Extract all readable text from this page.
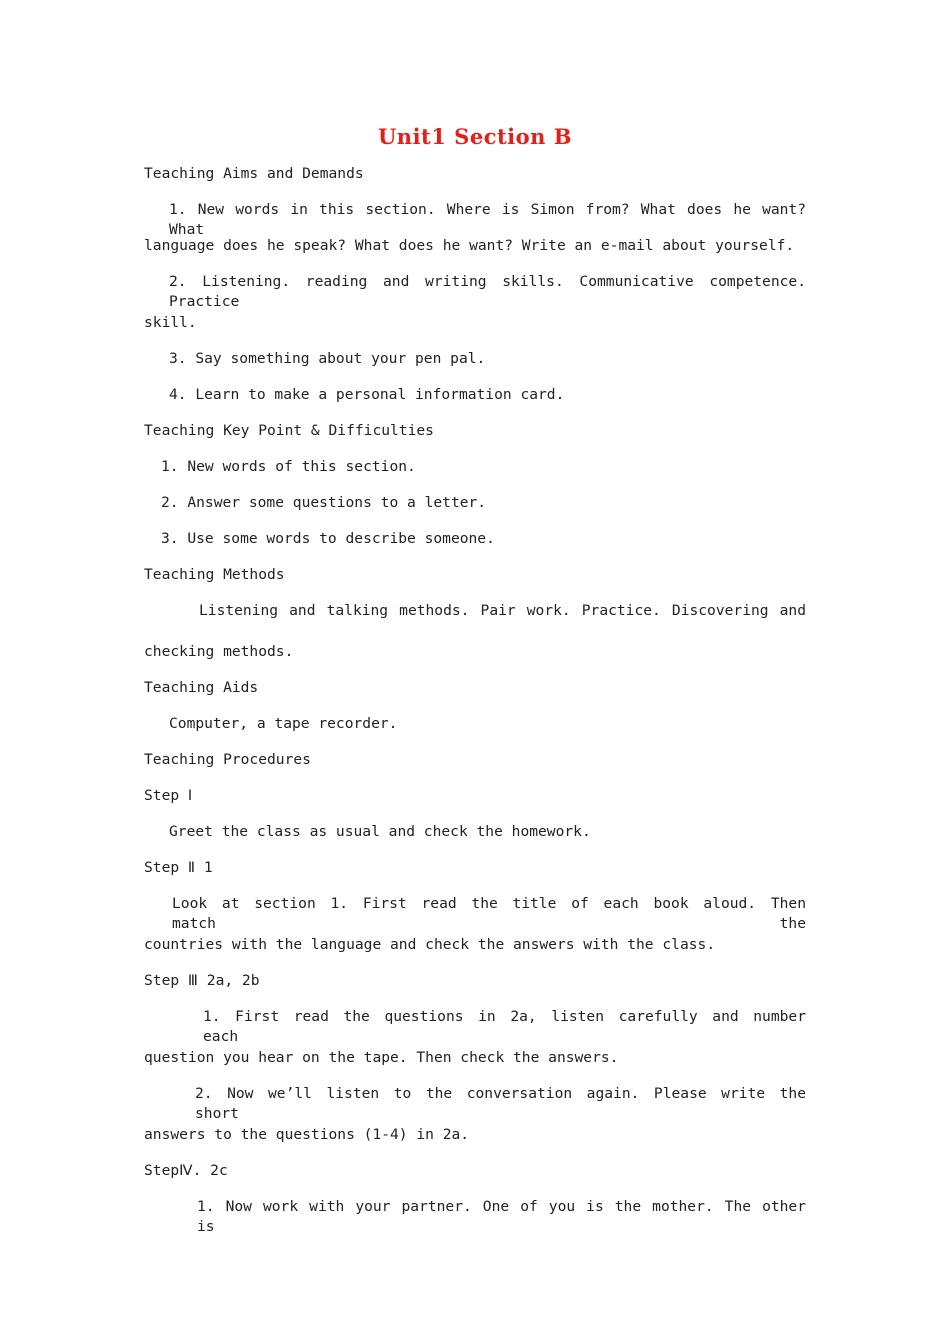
Unit1 Section B
Teaching Aims and Demands
1. New words in this section. Where is Simon from? What does he want? What
language does he speak? What does he want? Write an e-mail about yourself.
2. Listening. reading and writing skills. Communicative competence. Practice
skill.
3. Say something about your pen pal.
4. Learn to make a personal information card.
Teaching Key Point & Difficulties
1. New words of this section.
2. Answer some questions to a letter.
3. Use some words to describe someone.
Teaching Methods
Listening and talking methods. Pair work. Practice. Discovering and
checking methods.
Teaching Aids
Computer, a tape recorder.
Teaching Procedures
Step Ⅰ
Greet the class as usual and check the homework.
Step Ⅱ 1
Look at section 1. First read the title of each book aloud. Then match the
countries with the language and check the answers with the class.
Step Ⅲ 2a, 2b
1. First read the questions in 2a, listen carefully and number each
question you hear on the tape. Then check the answers.
2. Now we’ll listen to the conversation again. Please write the short
answers to the questions (1-4) in 2a.
StepⅣ. 2c
1. Now work with your partner. One of you is the mother. The other is
